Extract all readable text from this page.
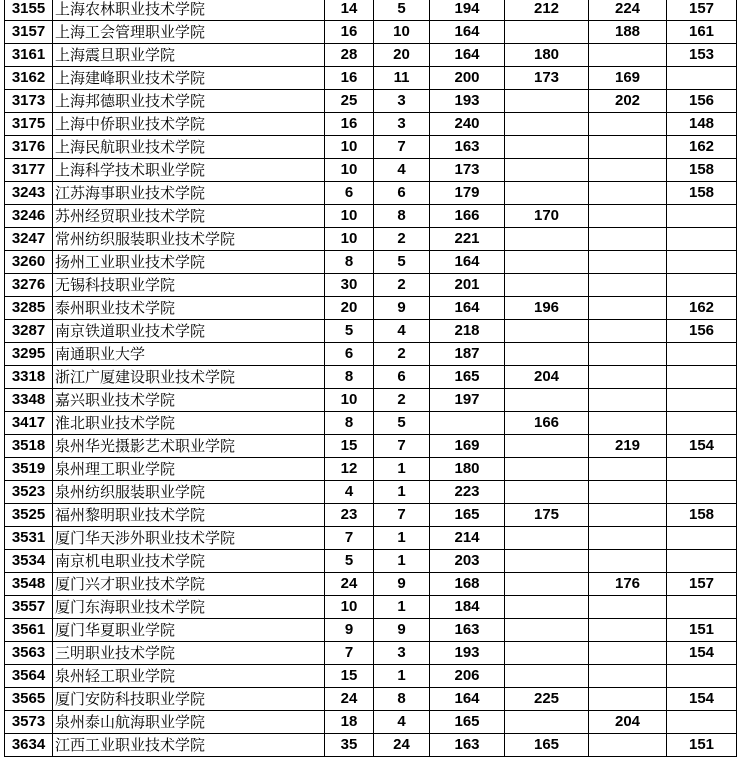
3155	上海农林职业技术学院	14	5	194	212	224	157
3157	上海工会管理职业学院	16	10	164		188	161
3161	上海震旦职业学院	28	20	164	180		153
3162	上海建峰职业技术学院	16	11	200	173	169	
3173	上海邦德职业技术学院	25	3	193		202	156
3175	上海中侨职业技术学院	16	3	240			148
3176	上海民航职业技术学院	10	7	163			162
3177	上海科学技术职业学院	10	4	173			158
3243	江苏海事职业技术学院	6	6	179			158
3246	苏州经贸职业技术学院	10	8	166	170		
3247	常州纺织服装职业技术学院	10	2	221			
3260	扬州工业职业技术学院	8	5	164			
3276	无锡科技职业学院	30	2	201			
3285	泰州职业技术学院	20	9	164	196		162
3287	南京铁道职业技术学院	5	4	218			156
3295	南通职业大学	6	2	187			
3318	浙江广厦建设职业技术学院	8	6	165	204		
3348	嘉兴职业技术学院	10	2	197			
3417	淮北职业技术学院	8	5		166		
3518	泉州华光摄影艺术职业学院	15	7	169		219	154
3519	泉州理工职业学院	12	1	180			
3523	泉州纺织服装职业学院	4	1	223			
3525	福州黎明职业技术学院	23	7	165	175		158
3531	厦门华天涉外职业技术学院	7	1	214			
3534	南京机电职业技术学院	5	1	203			
3548	厦门兴才职业技术学院	24	9	168		176	157
3557	厦门东海职业技术学院	10	1	184			
3561	厦门华夏职业学院	9	9	163			151
3563	三明职业技术学院	7	3	193			154
3564	泉州轻工职业学院	15	1	206			
3565	厦门安防科技职业学院	24	8	164	225		154
3573	泉州泰山航海职业学院	18	4	165		204	
3634	江西工业职业技术学院	35	24	163	165		151
